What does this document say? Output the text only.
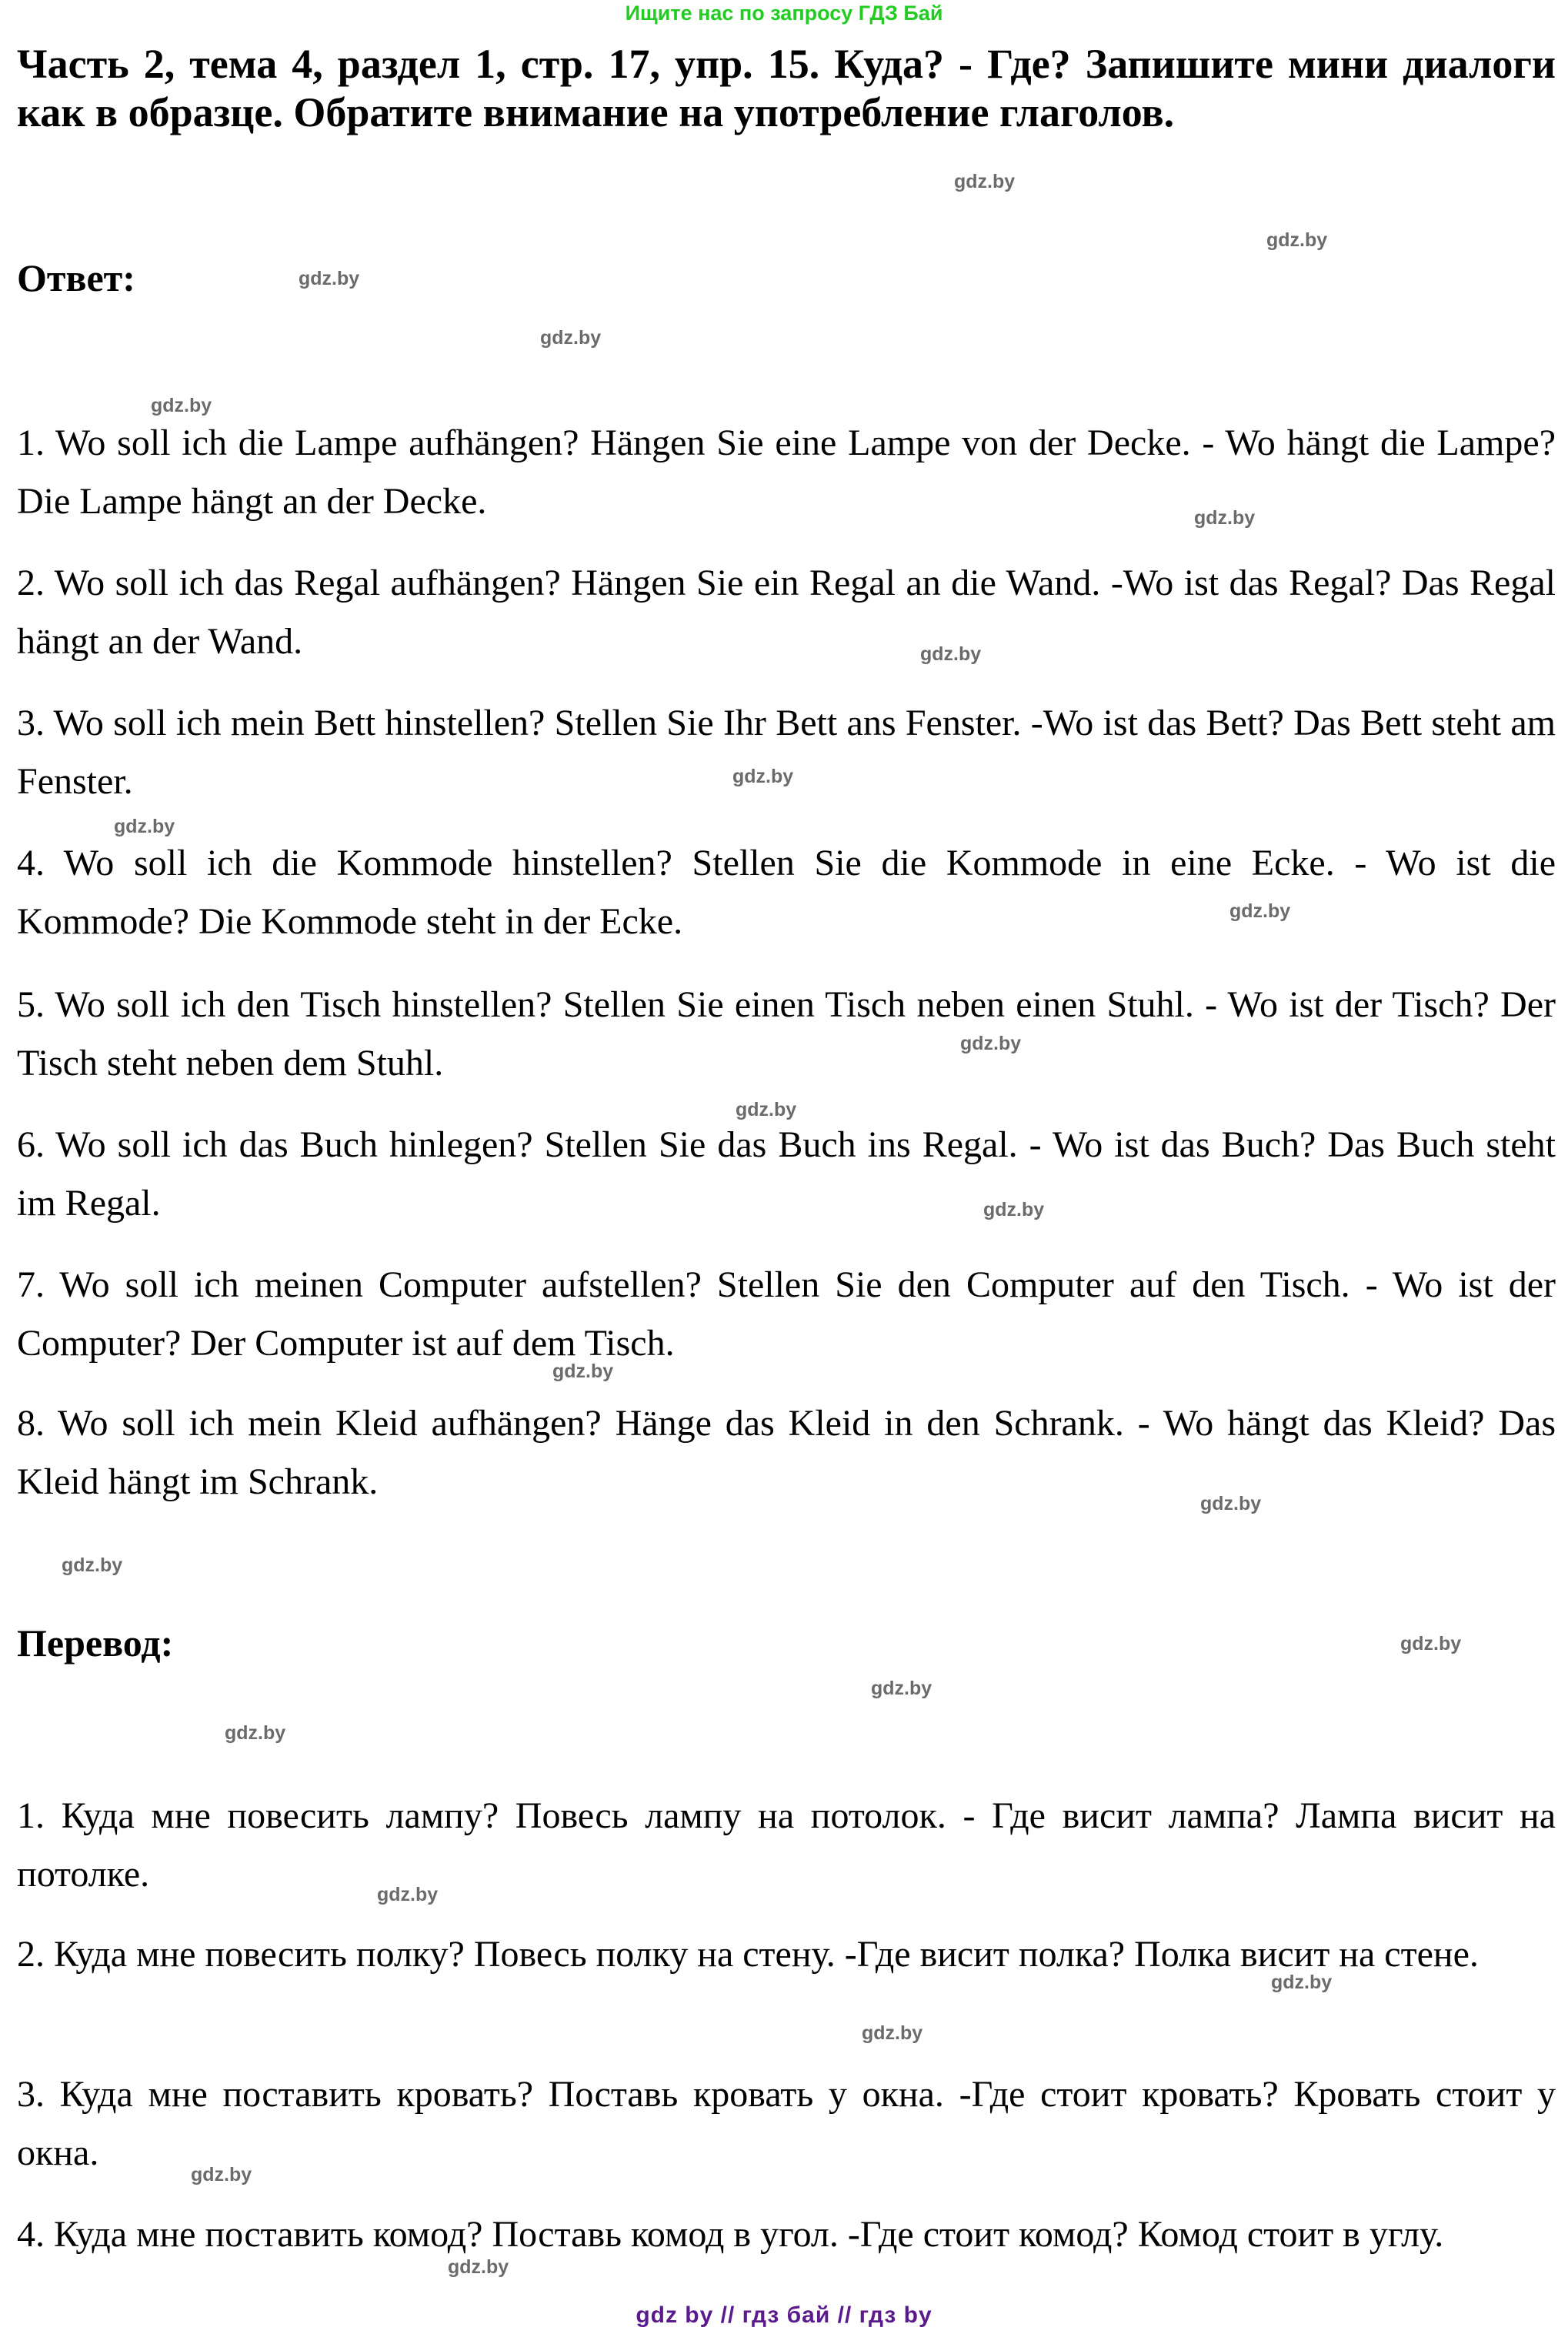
Ищите нас по запросу ГДЗ Бай
Часть 2, тема 4, раздел 1, стр. 17, упр. 15. Куда? - Где? Запишите мини диалоги как в образце. Обратите внимание на употребление глаголов.
Ответ:
1. Wo soll ich die Lampe aufhängen? Hängen Sie eine Lampe von der Decke. - Wo hängt die Lampe? Die Lampe hängt an der Decke.
2. Wo soll ich das Regal aufhängen? Hängen Sie ein Regal an die Wand. -Wo ist das Regal? Das Regal hängt an der Wand.
3. Wo soll ich mein Bett hinstellen? Stellen Sie Ihr Bett ans Fenster. -Wo ist das Bett? Das Bett steht am Fenster.
4. Wo soll ich die Kommode hinstellen? Stellen Sie die Kommode in eine Ecke. - Wo ist die Kommode? Die Kommode steht in der Ecke.
5. Wo soll ich den Tisch hinstellen? Stellen Sie einen Tisch neben einen Stuhl. - Wo ist der Tisch? Der Tisch steht neben dem Stuhl.
6. Wo soll ich das Buch hinlegen? Stellen Sie das Buch ins Regal. - Wo ist das Buch? Das Buch steht im Regal.
7. Wo soll ich meinen Computer aufstellen? Stellen Sie den Computer auf den Tisch. - Wo ist der Computer? Der Computer ist auf dem Tisch.
8. Wo soll ich mein Kleid aufhängen? Hänge das Kleid in den Schrank. - Wo hängt das Kleid? Das Kleid hängt im Schrank.
Перевод:
1. Куда мне повесить лампу? Повесь лампу на потолок. - Где висит лампа? Лампа висит на потолке.
2. Куда мне повесить полку? Повесь полку на стену. -Где висит полка? Полка висит на стене.
3. Куда мне поставить кровать? Поставь кровать у окна. -Где стоит кровать? Кровать стоит у окна.
4. Куда мне поставить комод? Поставь комод в угол. -Где стоит комод? Комод стоит в углу.
gdz.by
gdz.by
gdz.by
gdz.by
gdz.by
gdz.by
gdz.by
gdz.by
gdz.by
gdz.by
gdz.by
gdz.by
gdz.by
gdz.by
gdz.by
gdz.by
gdz.by
gdz.by
gdz.by
gdz.by
gdz.by
gdz.by
gdz.by
gdz.by
gdz by // гдз бай // гдз by
